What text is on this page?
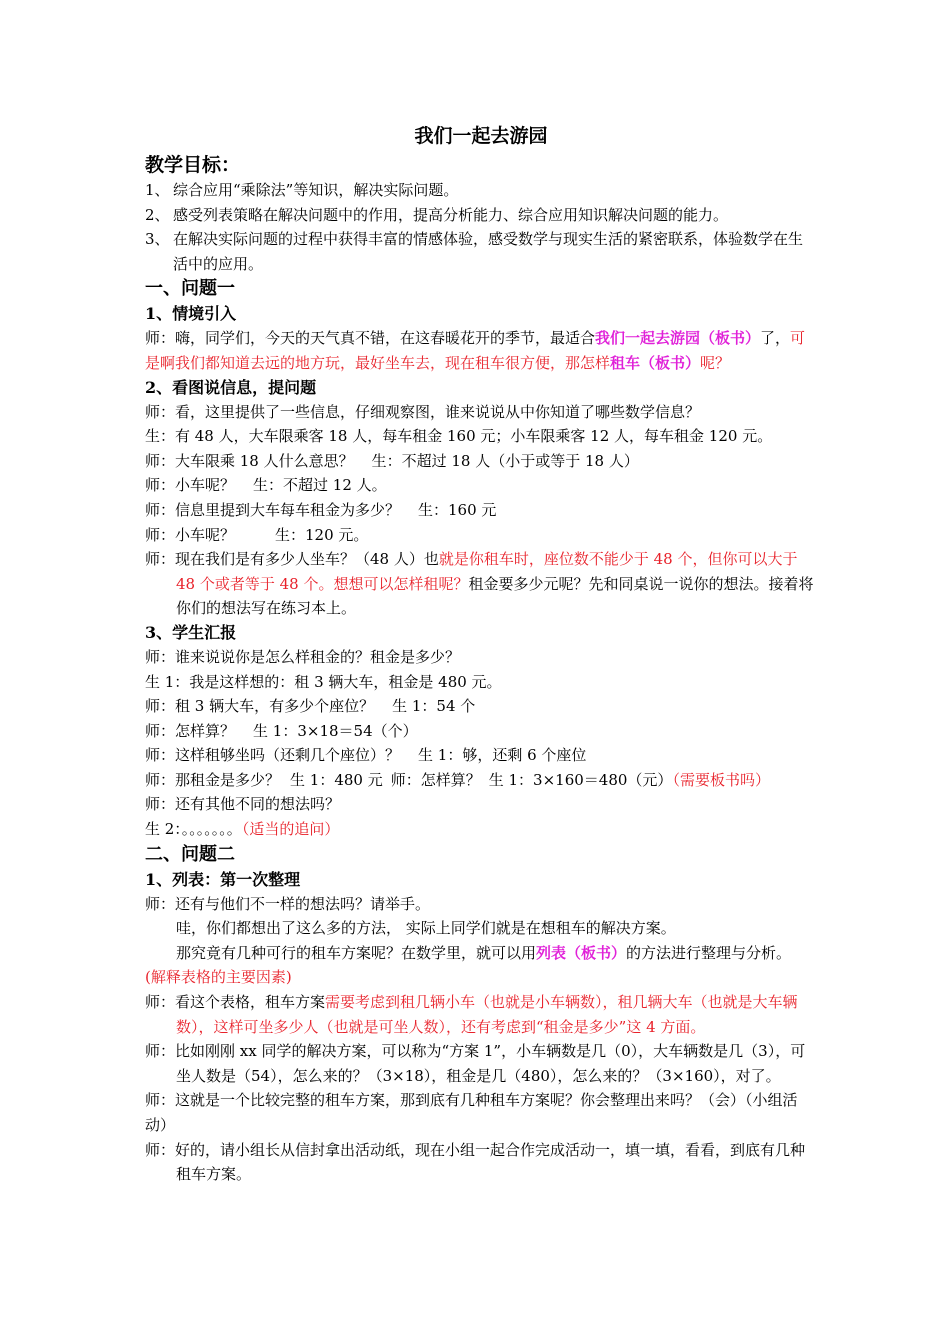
我们一起去游园
教学目标：
1、 综合应用“乘除法”等知识，解决实际问题。
2、 感受列表策略在解决问题中的作用，提高分析能力、综合应用知识解决问题的能力。
3、 在解决实际问题的过程中获得丰富的情感体验，感受数学与现实生活的紧密联系，体验数学在生活中的应用。
一、问题一
1、情境引入
师：嗨，同学们，今天的天气真不错，在这春暖花开的季节，最适合我们一起去游园（板书）了，可是啊我们都知道去远的地方玩，最好坐车去，现在租车很方便，那怎样租车（板书）呢？
2、看图说信息，提问题
师：看，这里提供了一些信息，仔细观察图，谁来说说从中你知道了哪些数学信息？
生：有 48 人，大车限乘客 18 人，每车租金 160 元；小车限乘客 12 人，每车租金 120 元。
师：大车限乘 18 人什么意思？ 生：不超过 18 人（小于或等于 18 人）
师：小车呢？ 生：不超过 12 人。
师：信息里提到大车每车租金为多少？ 生：160 元
师：小车呢？	生：120 元。
师：现在我们是有多少人坐车？（48 人）也就是你租车时，座位数不能少于 48 个，但你可以大于 48 个或者等于 48 个。想想可以怎样租呢？租金要多少元呢？先和同桌说一说你的想法。接着将你们的想法写在练习本上。
3、学生汇报
师：谁来说说你是怎么样租金的？租金是多少？
生 1：我是这样想的：租 3 辆大车，租金是 480 元。
师：租 3 辆大车，有多少个座位？ 生 1：54 个
师：怎样算？ 生 1：3×18＝54（个）
师：这样租够坐吗（还剩几个座位）？ 生 1：够，还剩 6 个座位
师：那租金是多少？ 生 1：480 元 师：怎样算？ 生 1：3×160＝480（元）（需要板书吗）
师：还有其他不同的想法吗？
生 2：。。。。。。。（适当的追问）
二、问题二
1、列表：第一次整理
师：还有与他们不一样的想法吗？请举手。
哇，你们都想出了这么多的方法， 实际上同学们就是在想租车的解决方案。
那究竟有几种可行的租车方案呢？在数学里，就可以用列表（板书）的方法进行整理与分析。
(解释表格的主要因素)
师：看这个表格，租车方案需要考虑到租几辆小车（也就是小车辆数），租几辆大车（也就是大车辆数），这样可坐多少人（也就是可坐人数），还有考虑到“租金是多少”这 4 方面。
师：比如刚刚 xx 同学的解决方案，可以称为“方案 1”，小车辆数是几（0），大车辆数是几（3），可坐人数是（54），怎么来的？（3×18），租金是几（480），怎么来的？（3×160），对了。
师：这就是一个比较完整的租车方案，那到底有几种租车方案呢？你会整理出来吗？（会）（小组活动）
师：好的，请小组长从信封拿出活动纸，现在小组一起合作完成活动一，填一填，看看，到底有几种租车方案。
